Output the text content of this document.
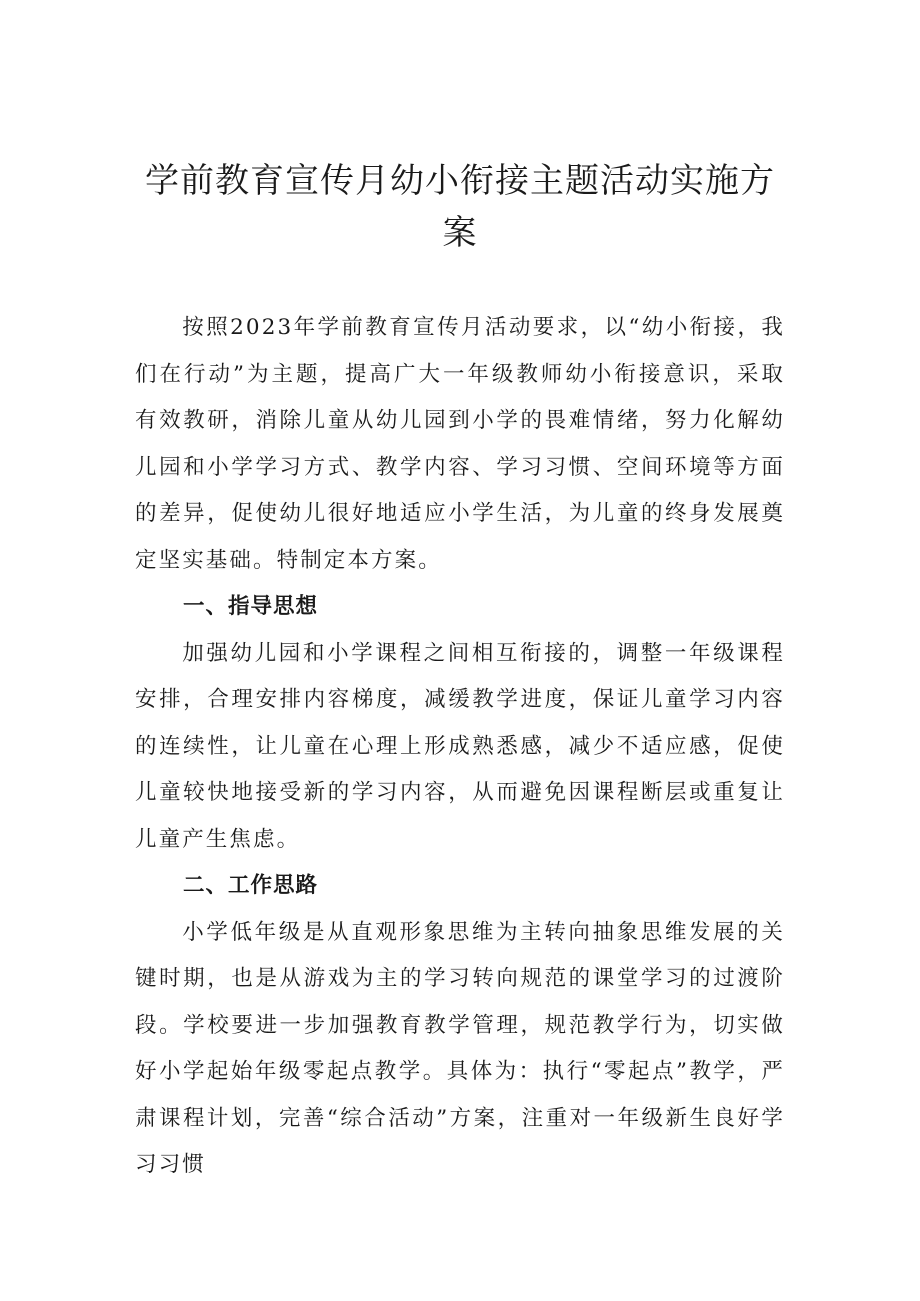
学前教育宣传月幼小衔接主题活动实施方案

按照2023年学前教育宣传月活动要求，以“幼小衔接，我们在行动”为主题，提高广大一年级教师幼小衔接意识，采取有效教研，消除儿童从幼儿园到小学的畏难情绪，努力化解幼儿园和小学学习方式、教学内容、学习习惯、空间环境等方面的差异，促使幼儿很好地适应小学生活，为儿童的终身发展奠定坚实基础。特制定本方案。

一、指导思想

加强幼儿园和小学课程之间相互衔接的，调整一年级课程安排，合理安排内容梯度，减缓教学进度，保证儿童学习内容的连续性，让儿童在心理上形成熟悉感，减少不适应感，促使儿童较快地接受新的学习内容，从而避免因课程断层或重复让儿童产生焦虑。

二、工作思路

小学低年级是从直观形象思维为主转向抽象思维发展的关键时期，也是从游戏为主的学习转向规范的课堂学习的过渡阶段。学校要进一步加强教育教学管理，规范教学行为，切实做好小学起始年级零起点教学。具体为：执行“零起点”教学，严肃课程计划，完善“综合活动”方案，注重对一年级新生良好学习习惯
